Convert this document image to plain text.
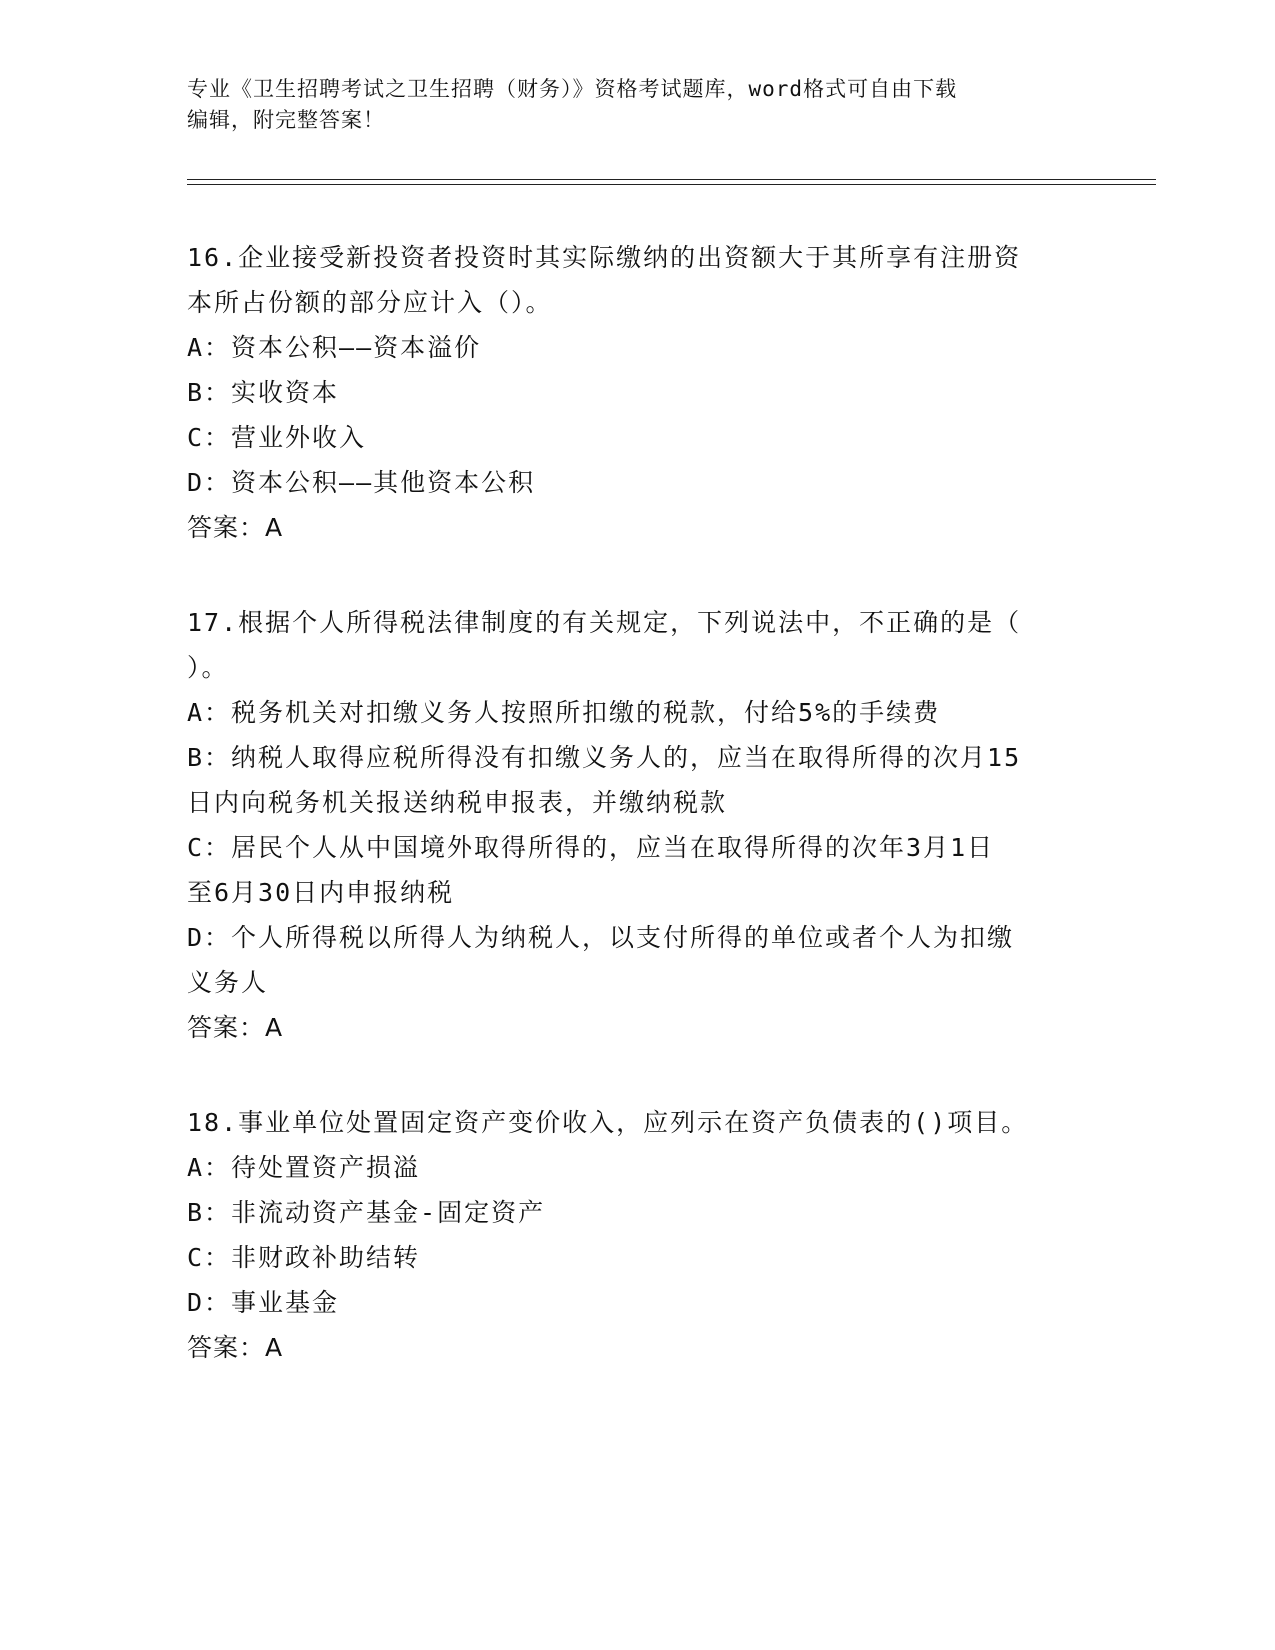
专业《卫生招聘考试之卫生招聘（财务）》资格考试题库，word格式可自由下载
编辑，附完整答案！
16.企业接受新投资者投资时其实际缴纳的出资额大于其所享有注册资
本所占份额的部分应计入（）。
A：资本公积——资本溢价
B：实收资本
C：营业外收入
D：资本公积——其他资本公积
答案：A
17.根据个人所得税法律制度的有关规定，下列说法中，不正确的是（
）。
A：税务机关对扣缴义务人按照所扣缴的税款，付给5%的手续费
B：纳税人取得应税所得没有扣缴义务人的，应当在取得所得的次月15
日内向税务机关报送纳税申报表，并缴纳税款
C：居民个人从中国境外取得所得的，应当在取得所得的次年3月1日
至6月30日内申报纳税
D：个人所得税以所得人为纳税人，以支付所得的单位或者个人为扣缴
义务人
答案：A
18.事业单位处置固定资产变价收入，应列示在资产负债表的()项目。
A：待处置资产损溢
B：非流动资产基金-固定资产
C：非财政补助结转
D：事业基金
答案：A
